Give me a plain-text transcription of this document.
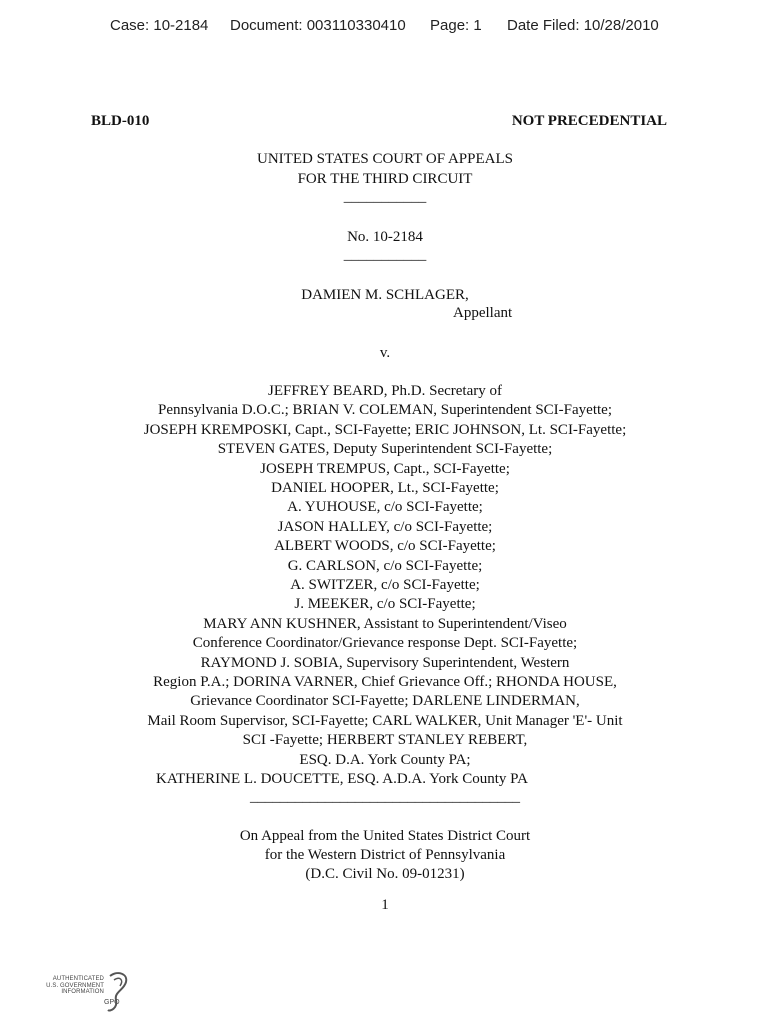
Case: 10-2184 Document: 003110330410 Page: 1 Date Filed: 10/28/2010
BLD-010	NOT PRECEDENTIAL
UNITED STATES COURT OF APPEALS
FOR THE THIRD CIRCUIT
___________
No. 10-2184
___________
DAMIEN M. SCHLAGER,
Appellant
v.
JEFFREY BEARD, Ph.D. Secretary of
Pennsylvania D.O.C.; BRIAN V. COLEMAN, Superintendent SCI-Fayette;
JOSEPH KREMPOSKI, Capt., SCI-Fayette; ERIC JOHNSON, Lt. SCI-Fayette;
STEVEN GATES, Deputy Superintendent SCI-Fayette;
JOSEPH TREMPUS, Capt., SCI-Fayette;
DANIEL HOOPER, Lt., SCI-Fayette;
A. YUHOUSE, c/o SCI-Fayette;
JASON HALLEY, c/o SCI-Fayette;
ALBERT WOODS, c/o SCI-Fayette;
G. CARLSON, c/o SCI-Fayette;
A. SWITZER, c/o SCI-Fayette;
J. MEEKER, c/o SCI-Fayette;
MARY ANN KUSHNER, Assistant to Superintendent/Viseo
Conference Coordinator/Grievance response Dept. SCI-Fayette;
RAYMOND J. SOBIA, Supervisory Superintendent, Western
Region P.A.; DORINA VARNER, Chief Grievance Off.; RHONDA HOUSE,
Grievance Coordinator SCI-Fayette; DARLENE LINDERMAN,
Mail Room Supervisor, SCI-Fayette; CARL WALKER, Unit Manager 'E'- Unit
SCI -Fayette; HERBERT STANLEY REBERT,
ESQ. D.A. York County PA;
KATHERINE L. DOUCETTE, ESQ. A.D.A. York County PA
____________________________________
On Appeal from the United States District Court
for the Western District of Pennsylvania
(D.C. Civil No. 09-01231)
1
AUTHENTICATED
U.S. GOVERNMENT
INFORMATION
GPO
